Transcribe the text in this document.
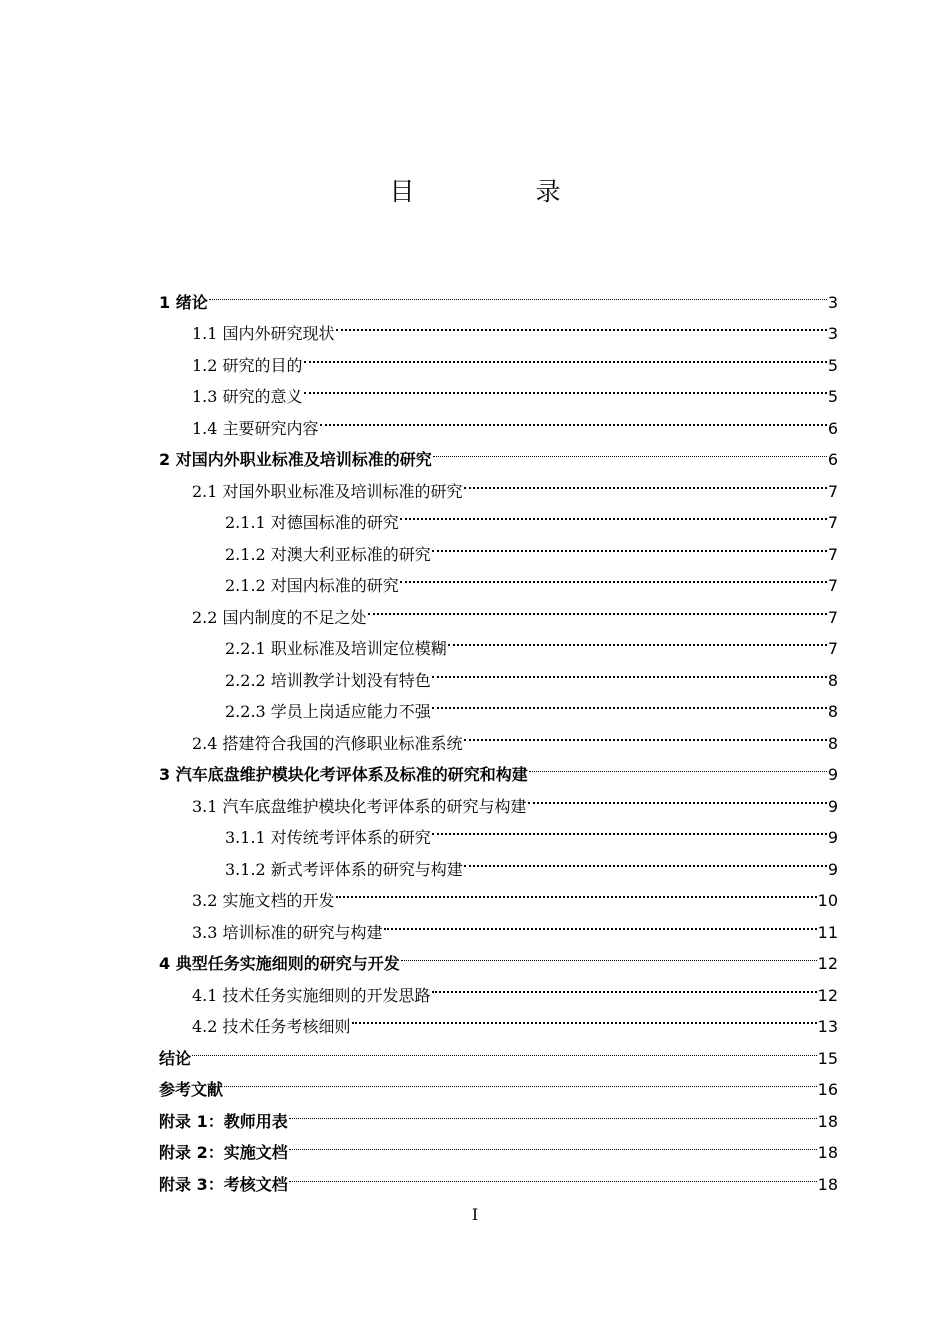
目　录
1 绪论	3
1.1 国内外研究现状	3
1.2 研究的目的	5
1.3 研究的意义	5
1.4 主要研究内容	6
2 对国内外职业标准及培训标准的研究	6
2.1 对国外职业标准及培训标准的研究	7
2.1.1 对德国标准的研究	7
2.1.2 对澳大利亚标准的研究	7
2.1.2 对国内标准的研究	7
2.2 国内制度的不足之处	7
2.2.1 职业标准及培训定位模糊	7
2.2.2 培训教学计划没有特色	8
2.2.3 学员上岗适应能力不强	8
2.4 搭建符合我国的汽修职业标准系统	8
3 汽车底盘维护模块化考评体系及标准的研究和构建	9
3.1 汽车底盘维护模块化考评体系的研究与构建	9
3.1.1 对传统考评体系的研究	9
3.1.2 新式考评体系的研究与构建	9
3.2 实施文档的开发	10
3.3 培训标准的研究与构建	11
4 典型任务实施细则的研究与开发	12
4.1 技术任务实施细则的开发思路	12
4.2 技术任务考核细则	13
结论	15
参考文献	16
附录 1：教师用表	18
附录 2：实施文档	18
附录 3：考核文档	18
I
